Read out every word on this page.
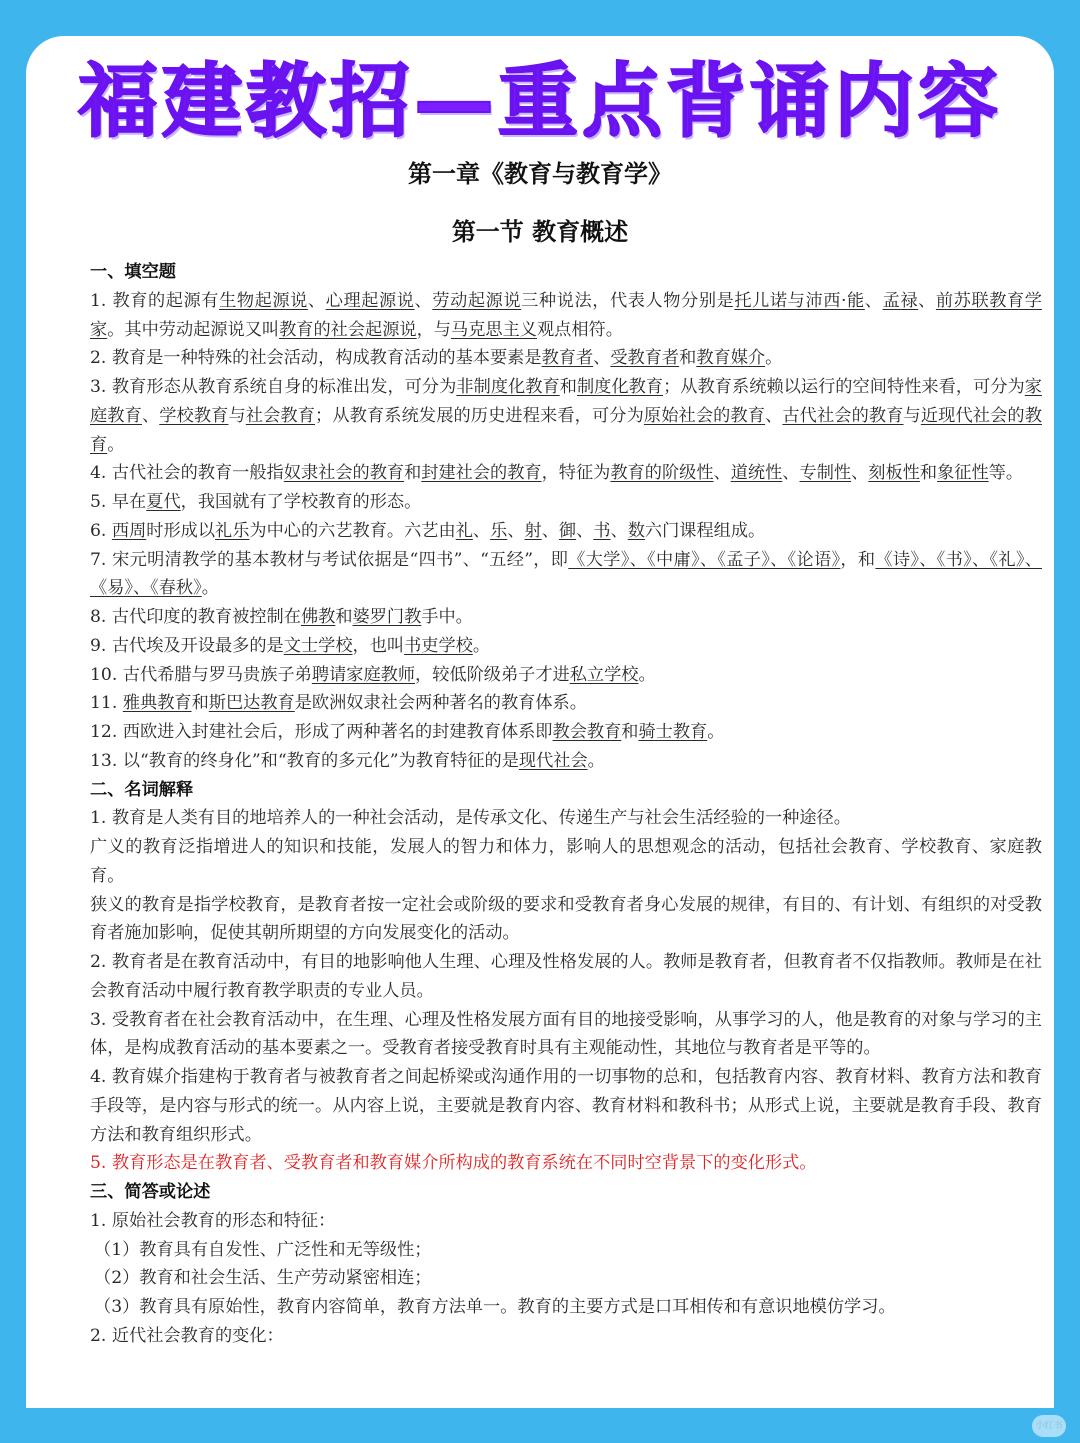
福建教招—重点背诵内容
第一章《教育与教育学》
第一节 教育概述

一、填空题

1. 教育的起源有生物起源说、心理起源说、劳动起源说三种说法，代表人物分别是托儿诺与沛西·能、孟禄、前苏联教育学家。其中劳动起源说又叫教育的社会起源说，与马克思主义观点相符。

2. 教育是一种特殊的社会活动，构成教育活动的基本要素是教育者、受教育者和教育媒介。

3. 教育形态从教育系统自身的标准出发，可分为非制度化教育和制度化教育；从教育系统赖以运行的空间特性来看，可分为家庭教育、学校教育与社会教育；从教育系统发展的历史进程来看，可分为原始社会的教育、古代社会的教育与近现代社会的教育。

4. 古代社会的教育一般指奴隶社会的教育和封建社会的教育，特征为教育的阶级性、道统性、专制性、刻板性和象征性等。

5. 早在夏代，我国就有了学校教育的形态。

6. 西周时形成以礼乐为中心的六艺教育。六艺由礼、乐、射、御、书、数六门课程组成。

7. 宋元明清教学的基本教材与考试依据是“四书”、“五经”，即《大学》、《中庸》、《孟子》、《论语》，和《诗》、《书》、《礼》、《易》、《春秋》。

8. 古代印度的教育被控制在佛教和婆罗门教手中。

9. 古代埃及开设最多的是文士学校，也叫书吏学校。

10. 古代希腊与罗马贵族子弟聘请家庭教师，较低阶级弟子才进私立学校。

11. 雅典教育和斯巴达教育是欧洲奴隶社会两种著名的教育体系。

12. 西欧进入封建社会后，形成了两种著名的封建教育体系即教会教育和骑士教育。

13. 以“教育的终身化”和“教育的多元化”为教育特征的是现代社会。

二、名词解释

1. 教育是人类有目的地培养人的一种社会活动，是传承文化、传递生产与社会生活经验的一种途径。

广义的教育泛指增进人的知识和技能，发展人的智力和体力，影响人的思想观念的活动，包括社会教育、学校教育、家庭教育。

狭义的教育是指学校教育，是教育者按一定社会或阶级的要求和受教育者身心发展的规律，有目的、有计划、有组织的对受教育者施加影响，促使其朝所期望的方向发展变化的活动。

2. 教育者是在教育活动中，有目的地影响他人生理、心理及性格发展的人。教师是教育者，但教育者不仅指教师。教师是在社会教育活动中履行教育教学职责的专业人员。

3. 受教育者在社会教育活动中，在生理、心理及性格发展方面有目的地接受影响，从事学习的人，他是教育的对象与学习的主体，是构成教育活动的基本要素之一。受教育者接受教育时具有主观能动性，其地位与教育者是平等的。

4. 教育媒介指建构于教育者与被教育者之间起桥梁或沟通作用的一切事物的总和，包括教育内容、教育材料、教育方法和教育手段等，是内容与形式的统一。从内容上说，主要就是教育内容、教育材料和教科书；从形式上说，主要就是教育手段、教育方法和教育组织形式。

5. 教育形态是在教育者、受教育者和教育媒介所构成的教育系统在不同时空背景下的变化形式。

三、简答或论述

1. 原始社会教育的形态和特征：

（1）教育具有自发性、广泛性和无等级性；

（2）教育和社会生活、生产劳动紧密相连；

（3）教育具有原始性，教育内容简单，教育方法单一。教育的主要方式是口耳相传和有意识地模仿学习。

2. 近代社会教育的变化：

小红书
